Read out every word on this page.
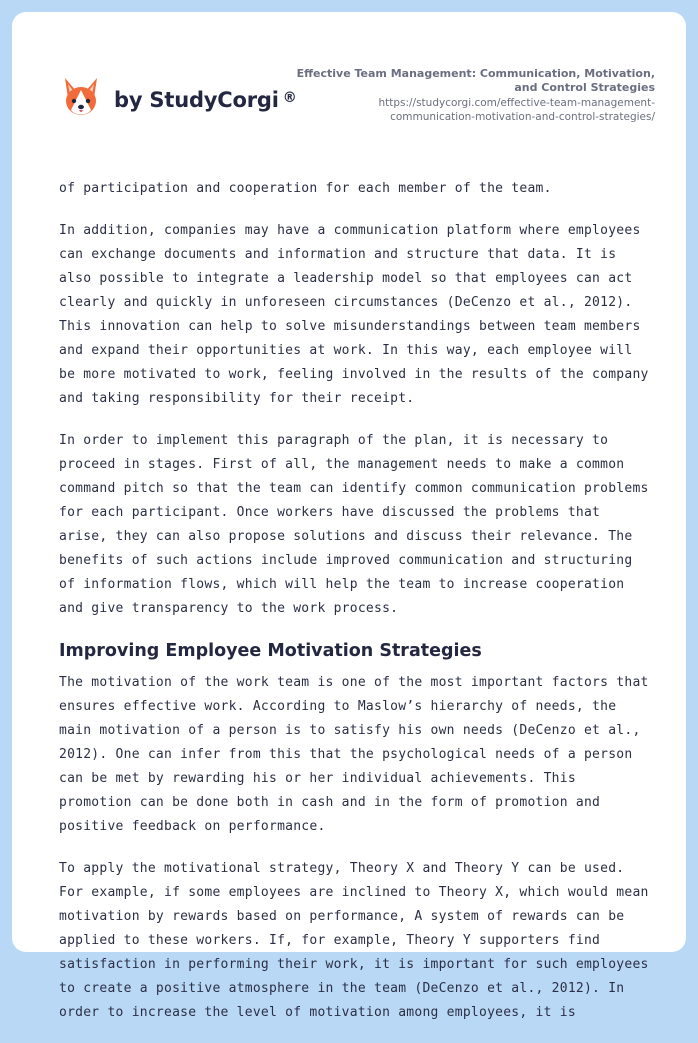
by StudyCorgi ®
Effective Team Management: Communication, Motivation, and Control Strategies
https://studycorgi.com/effective-team-management-communication-motivation-and-control-strategies/

of participation and cooperation for each member of the team.

In addition, companies may have a communication platform where employees can exchange documents and information and structure that data. It is also possible to integrate a leadership model so that employees can act clearly and quickly in unforeseen circumstances (DeCenzo et al., 2012). This innovation can help to solve misunderstandings between team members and expand their opportunities at work. In this way, each employee will be more motivated to work, feeling involved in the results of the company and taking responsibility for their receipt.

In order to implement this paragraph of the plan, it is necessary to proceed in stages. First of all, the management needs to make a common command pitch so that the team can identify common communication problems for each participant. Once workers have discussed the problems that arise, they can also propose solutions and discuss their relevance. The benefits of such actions include improved communication and structuring of information flows, which will help the team to increase cooperation and give transparency to the work process.

Improving Employee Motivation Strategies

The motivation of the work team is one of the most important factors that ensures effective work. According to Maslow’s hierarchy of needs, the main motivation of a person is to satisfy his own needs (DeCenzo et al., 2012). One can infer from this that the psychological needs of a person can be met by rewarding his or her individual achievements. This promotion can be done both in cash and in the form of promotion and positive feedback on performance.

To apply the motivational strategy, Theory X and Theory Y can be used. For example, if some employees are inclined to Theory X, which would mean motivation by rewards based on performance, A system of rewards can be applied to these workers. If, for example, Theory Y supporters find satisfaction in performing their work, it is important for such employees to create a positive atmosphere in the team (DeCenzo et al., 2012). In order to increase the level of motivation among employees, it is
